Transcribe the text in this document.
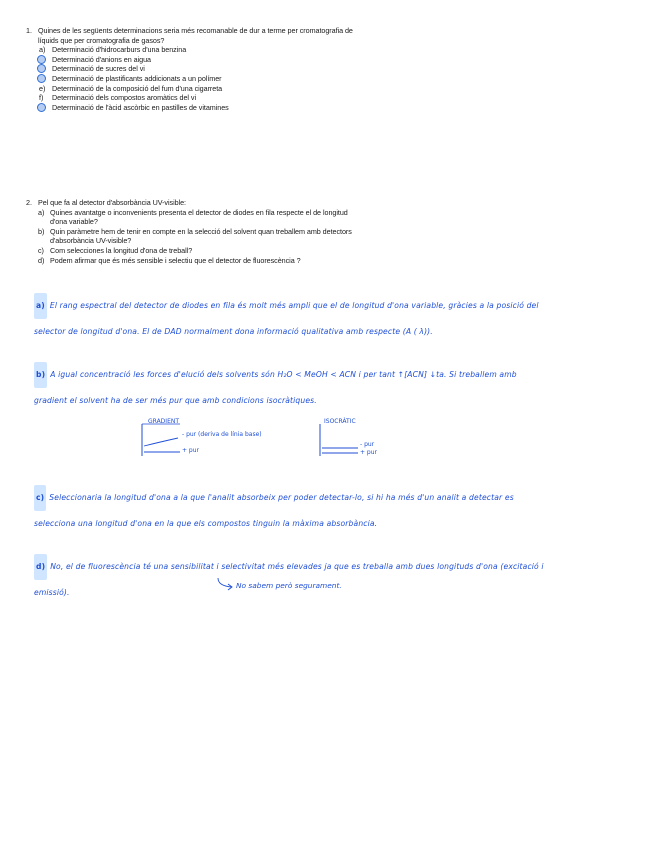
1. Quines de les següents determinacions seria més recomanable de dur a terme per cromatografia de líquids que per cromatografia de gasos?
a) Determinació d'hidrocarburs d'una benzina
Determinació d'anions en aigua
Determinació de sucres del vi
Determinació de plastificants addicionats a un polímer
e) Determinació de la composició del fum d'una cigarreta
f)	Determinació dels compostos aromàtics del vi
Determinació de l'àcid ascòrbic en pastilles de vitamines
2. Pel que fa al detector d'absorbància UV-visible:
a) Quines avantatge o inconvenients presenta el detector de diodes en fila respecte el de longitud d'ona variable?
b) Quin paràmetre hem de tenir en compte en la selecció del solvent quan treballem amb detectors d'absorbància UV-visible?
c) Com selecciones la longitud d'ona de treball?
d) Podem afirmar que és més sensible i selectiu que el detector de fluorescència ?
a) El rang espectral del detector de diodes en fila és molt més ampli que el de longitud d'ona variable, gràcies a la posició del
selector de longitud d'ona. El de DAD normalment dona informació qualitativa amb respecte (A ( λ)).
b) A igual concentració les forces d'elució dels solvents són H₂O < MeOH < ACN i per tant ↑[ACN] ↓ta. Si treballem amb
gradient el solvent ha de ser més pur que amb condicions isocràtiques.
GRADIENT
- pur (deriva de línia base)
+ pur
ISOCRÀTIC
- pur
+ pur
c) Seleccionaria la longitud d'ona a la que l'analit absorbeix per poder detectar-lo, si hi ha més d'un analit a detectar es
selecciona una longitud d'ona en la que els compostos tinguin la màxima absorbància.
d) No, el de fluorescència té una sensibilitat i selectivitat més elevades ja que es treballa amb dues longituds d'ona (excitació i
emissió).
No sabem però segurament.
